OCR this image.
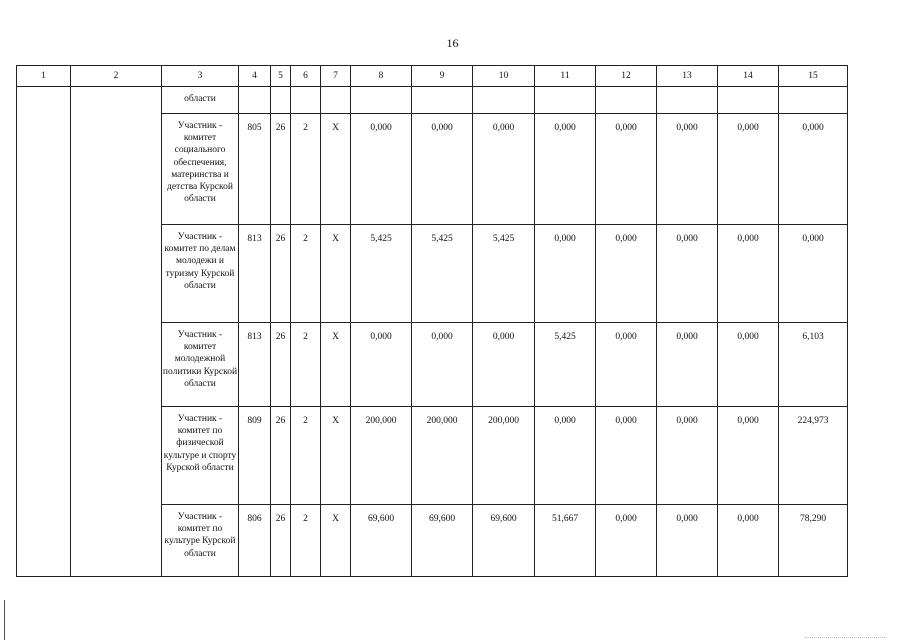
16
1	2	3	4	5	6	7	8	9	10	11	12	13	14	15
		области												
		Участник - комитет социального обеспечения, материнства и детства Курской области	805	26	2	Х	0,000	0,000	0,000	0,000	0,000	0,000	0,000	0,000
		Участник - комитет по делам молодежи и туризму Курской области	813	26	2	Х	5,425	5,425	5,425	0,000	0,000	0,000	0,000	0,000
		Участник - комитет молодежной политики Курской области	813	26	2	Х	0,000	0,000	0,000	5,425	0,000	0,000	0,000	6,103
		Участник - комитет по физической культуре и спорту Курской области	809	26	2	Х	200,000	200,000	200,000	0,000	0,000	0,000	0,000	224,973
		Участник - комитет по культуре Курской области	806	26	2	Х	69,600	69,600	69,600	51,667	0,000	0,000	0,000	78,290
